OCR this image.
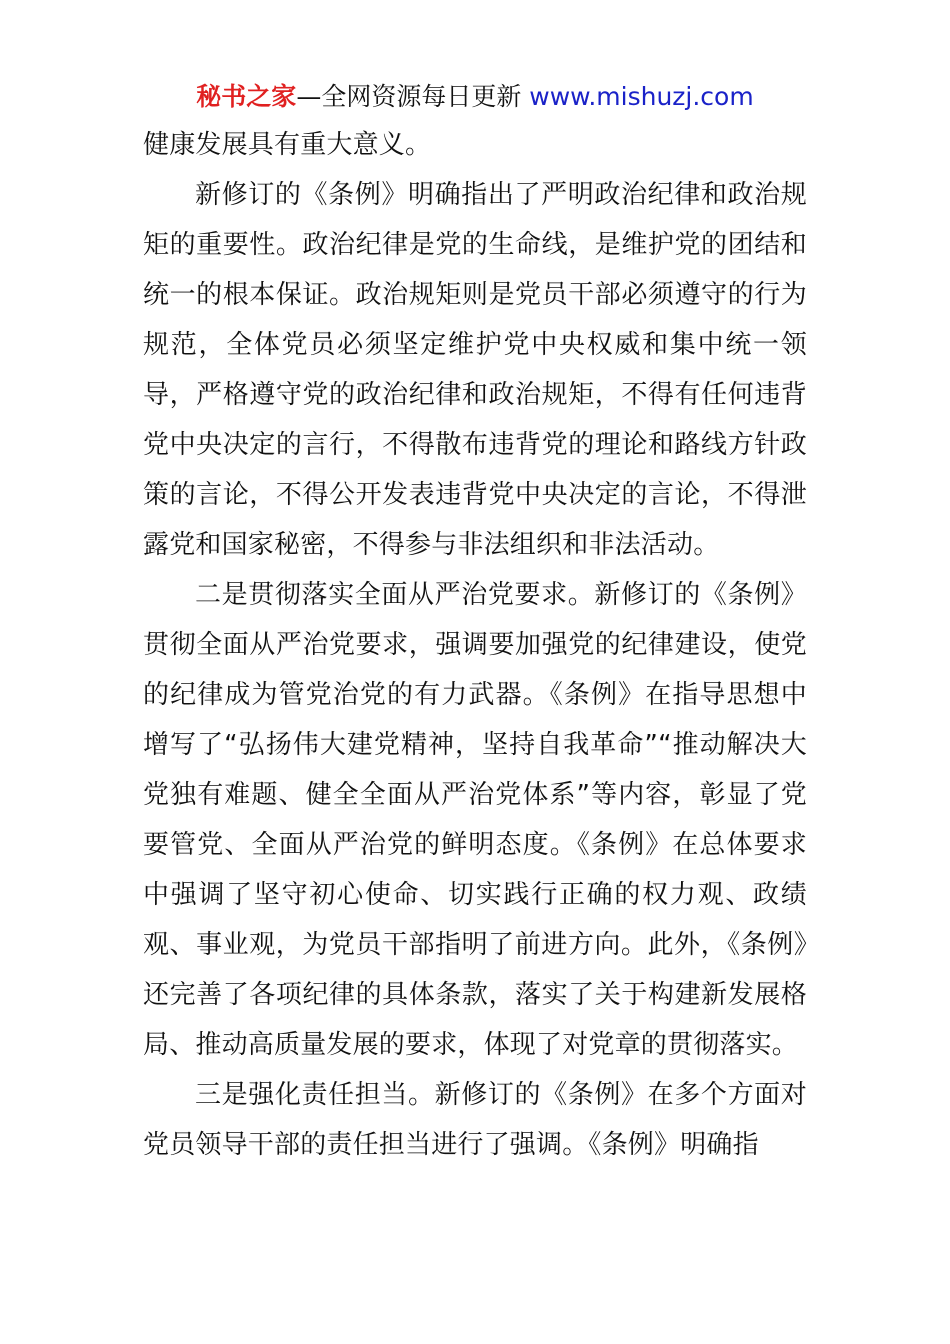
秘书之家—全网资源每日更新 www.mishuzj.com

健康发展具有重大意义。

新修订的《条例》明确指出了严明政治纪律和政治规矩的重要性。政治纪律是党的生命线，是维护党的团结和统一的根本保证。政治规矩则是党员干部必须遵守的行为规范，全体党员必须坚定维护党中央权威和集中统一领导，严格遵守党的政治纪律和政治规矩，不得有任何违背党中央决定的言行，不得散布违背党的理论和路线方针政策的言论，不得公开发表违背党中央决定的言论，不得泄露党和国家秘密，不得参与非法组织和非法活动。

二是贯彻落实全面从严治党要求。新修订的《条例》贯彻全面从严治党要求，强调要加强党的纪律建设，使党的纪律成为管党治党的有力武器。《条例》在指导思想中增写了“弘扬伟大建党精神，坚持自我革命”“推动解决大党独有难题、健全全面从严治党体系”等内容，彰显了党要管党、全面从严治党的鲜明态度。《条例》在总体要求中强调了坚守初心使命、切实践行正确的权力观、政绩观、事业观，为党员干部指明了前进方向。此外，《条例》还完善了各项纪律的具体条款，落实了关于构建新发展格局、推动高质量发展的要求，体现了对党章的贯彻落实。

三是强化责任担当。新修订的《条例》在多个方面对党员领导干部的责任担当进行了强调。《条例》明确指
